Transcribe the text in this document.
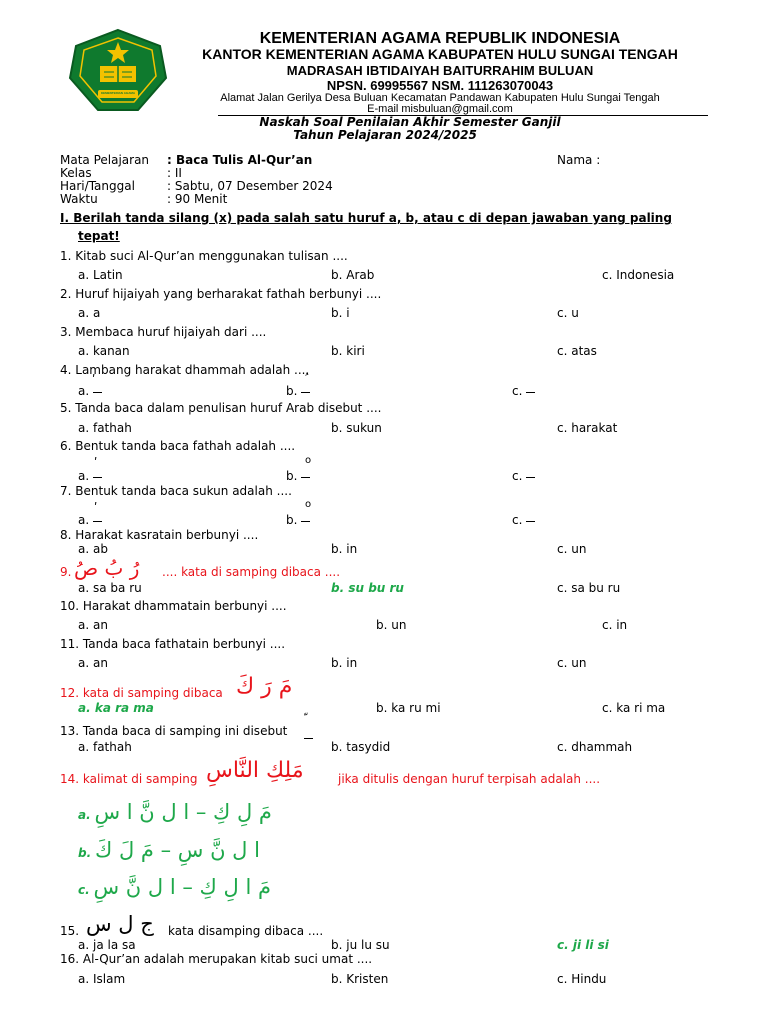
KEMENTERIAN AGAMA
KEMENTERIAN AGAMA REPUBLIK INDONESIA
KANTOR KEMENTERIAN AGAMA KABUPATEN HULU SUNGAI TENGAH
MADRASAH IBTIDAIYAH BAITURRAHIM BULUAN
NPSN. 69995567 NSM. 111263070043
Alamat Jalan Gerilya Desa Buluan Kecamatan Pandawan Kabupaten Hulu Sungai Tengah
E-mail misbuluan@gmail.com
Naskah Soal Penilaian Akhir Semester Ganjil
Tahun Pelajaran 2024/2025
Mata Pelajaran : Baca Tulis Al-Qur’an	Nama :
Kelas	: II
Hari/Tanggal	: Sabtu, 07 Desember 2024
Waktu	: 90 Menit
I. Berilah tanda silang (x) pada salah satu huruf a, b, atau c di depan jawaban yang paling
tepat!
1. Kitab suci Al-Qur’an menggunakan tulisan ....
a. Latin	b. Arab	c. Indonesia
2. Huruf hijaiyah yang berharakat fathah berbunyi ....
a. a	b. i	c. u
3. Membaca huruf hijaiyah dari ....
a. kanan	b. kiri	c. atas
4. Lambang harakat dhammah adalah ....
a.
ʹ
b.	c.
5. Tanda baca dalam penulisan huruf Arab disebut ....
a. fathah	b. sukun	c. harakat
6. Bentuk tanda baca fathah adalah ....
a.
ʹ
b.
o
c.
7. Bentuk tanda baca sukun adalah ....
a.
ʹ
b.
o
c.
8. Harakat kasratain berbunyi ....
a. ab	b. in	c. un
9. رُ بُ صُ .... kata di samping dibaca ....
a. sa ba ru	b. su bu ru	c. sa bu ru
10. Harakat dhammatain berbunyi ....
a. an	b. un	c. in
11. Tanda baca fathatain berbunyi ....
a. an	b. in	c. un
12. kata di samping dibaca مَ رَ كَ
a. ka ra ma	b. ka ru mi	c. ka ri ma
13. Tanda baca di samping ini disebut
a. fathah	b. tasydid	c. dhammah
14. kalimat di samping مَلِكِ النَّاسِ	jika ditulis dengan huruf terpisah adalah ....
a. مَ لِ كِ – ا ل نَّ ا سِ
b. ا ل نَّ سِ – مَ لَ كَ
c. مَ ا لِ كِ – ا ل نَّ سِ
15. ج ل س kata disamping dibaca ....
a. ja la sa	b. ju lu su	c. ji li si
16. Al-Qur’an adalah merupakan kitab suci umat ....
a. Islam	b. Kristen	c. Hindu
